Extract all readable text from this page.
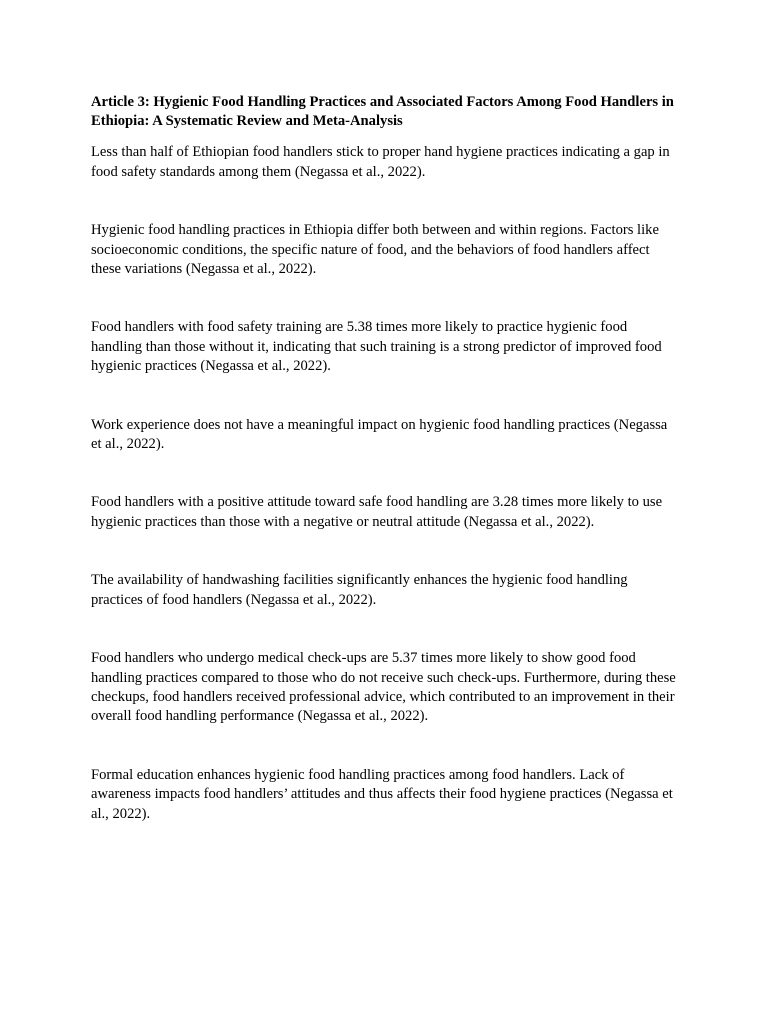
Article 3: Hygienic Food Handling Practices and Associated Factors Among Food Handlers in Ethiopia: A Systematic Review and Meta-Analysis

Less than half of Ethiopian food handlers stick to proper hand hygiene practices indicating a gap in food safety standards among them (Negassa et al., 2022).

Hygienic food handling practices in Ethiopia differ both between and within regions. Factors like socioeconomic conditions, the specific nature of food, and the behaviors of food handlers affect these variations (Negassa et al., 2022).

Food handlers with food safety training are 5.38 times more likely to practice hygienic food handling than those without it, indicating that such training is a strong predictor of improved food hygienic practices (Negassa et al., 2022).

Work experience does not have a meaningful impact on hygienic food handling practices (Negassa et al., 2022).

Food handlers with a positive attitude toward safe food handling are 3.28 times more likely to use hygienic practices than those with a negative or neutral attitude (Negassa et al., 2022).

The availability of handwashing facilities significantly enhances the hygienic food handling practices of food handlers (Negassa et al., 2022).

Food handlers who undergo medical check-ups are 5.37 times more likely to show good food handling practices compared to those who do not receive such check-ups. Furthermore, during these checkups, food handlers received professional advice, which contributed to an improvement in their overall food handling performance (Negassa et al., 2022).

Formal education enhances hygienic food handling practices among food handlers. Lack of awareness impacts food handlers’ attitudes and thus affects their food hygiene practices (Negassa et al., 2022).
